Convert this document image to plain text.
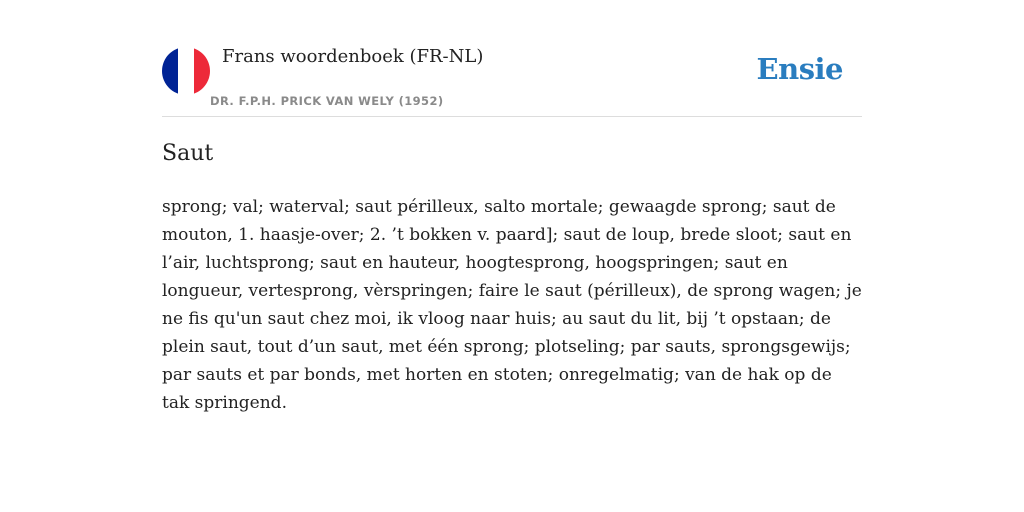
Frans woordenboek (FR-NL)
DR. F.P.H. PRICK VAN WELY (1952)
Ensie
Saut

sprong; val; waterval; saut périlleux, salto mortale; gewaagde sprong; saut de mouton, 1. haasje-over; 2. ’t bokken v. paard]; saut de loup, brede sloot; saut en l’air, luchtsprong; saut en hauteur, hoogtesprong, hoogspringen; saut en longueur, vertesprong, vèrspringen; faire le saut (périlleux), de sprong wagen; je ne fis qu'un saut chez moi, ik vloog naar huis; au saut du lit, bij ’t opstaan; de plein saut, tout d’un saut, met één sprong; plotseling; par sauts, sprongsgewijs; par sauts et par bonds, met horten en stoten; onregelmatig; van de hak op de tak springend.
